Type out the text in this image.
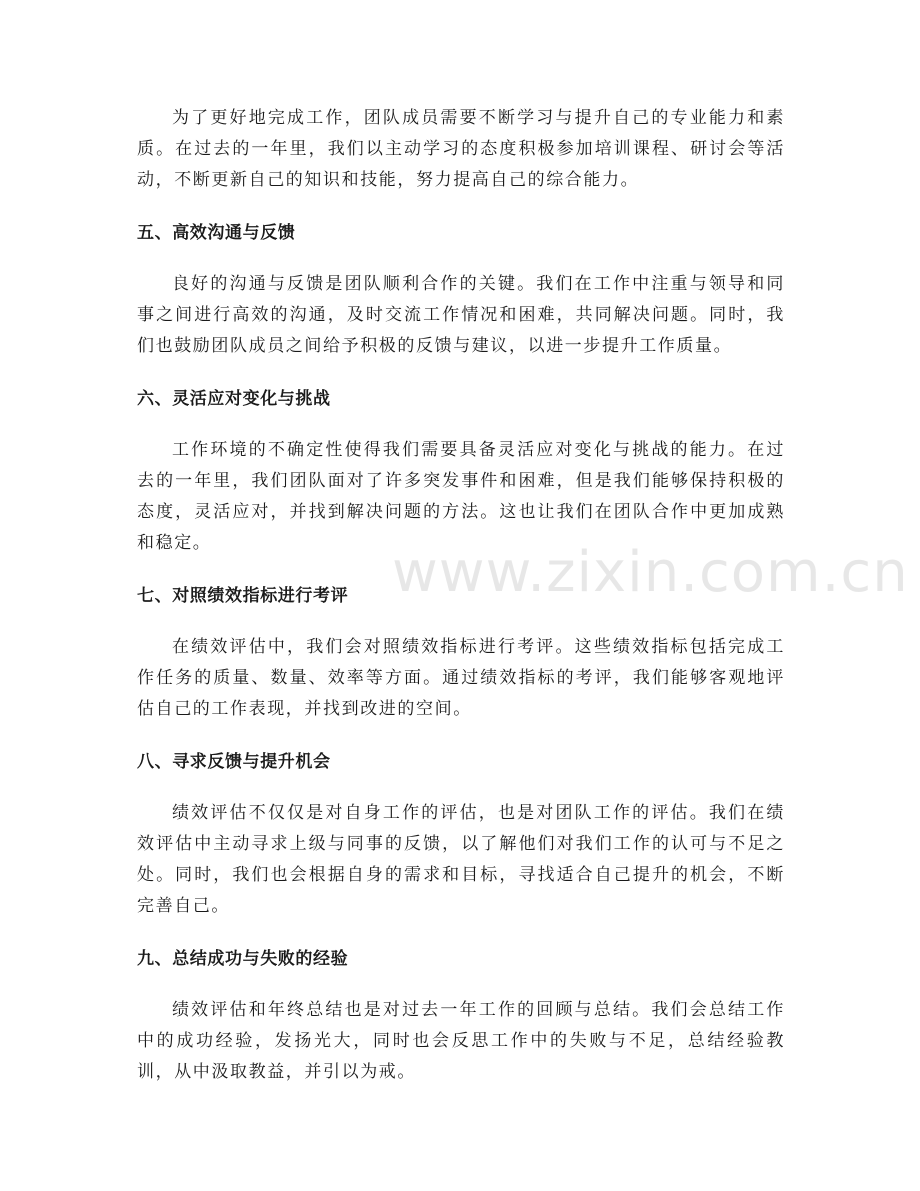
为了更好地完成工作，团队成员需要不断学习与提升自己的专业能力和素质。在过去的一年里，我们以主动学习的态度积极参加培训课程、研讨会等活动，不断更新自己的知识和技能，努力提高自己的综合能力。

五、高效沟通与反馈

良好的沟通与反馈是团队顺利合作的关键。我们在工作中注重与领导和同事之间进行高效的沟通，及时交流工作情况和困难，共同解决问题。同时，我们也鼓励团队成员之间给予积极的反馈与建议，以进一步提升工作质量。

六、灵活应对变化与挑战

工作环境的不确定性使得我们需要具备灵活应对变化与挑战的能力。在过去的一年里，我们团队面对了许多突发事件和困难，但是我们能够保持积极的态度，灵活应对，并找到解决问题的方法。这也让我们在团队合作中更加成熟和稳定。

七、对照绩效指标进行考评

在绩效评估中，我们会对照绩效指标进行考评。这些绩效指标包括完成工作任务的质量、数量、效率等方面。通过绩效指标的考评，我们能够客观地评估自己的工作表现，并找到改进的空间。

八、寻求反馈与提升机会

绩效评估不仅仅是对自身工作的评估，也是对团队工作的评估。我们在绩效评估中主动寻求上级与同事的反馈，以了解他们对我们工作的认可与不足之处。同时，我们也会根据自身的需求和目标，寻找适合自己提升的机会，不断完善自己。

九、总结成功与失败的经验

绩效评估和年终总结也是对过去一年工作的回顾与总结。我们会总结工作中的成功经验，发扬光大，同时也会反思工作中的失败与不足，总结经验教训，从中汲取教益，并引以为戒。

www.zixin.com.cn
